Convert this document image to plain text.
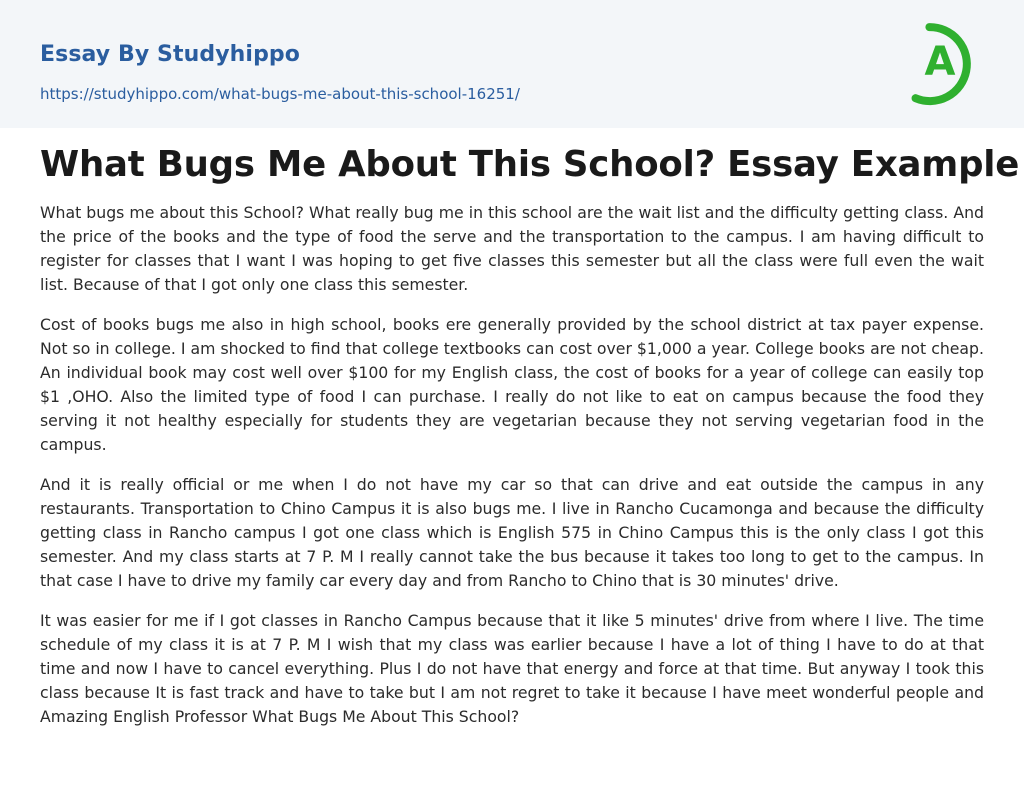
Essay By Studyhippo
https://studyhippo.com/what-bugs-me-about-this-school-16251/
A
What Bugs Me About This School? Essay Example

What bugs me about this School? What really bug me in this school are the wait list and the difficulty getting class. And the price of the books and the type of food the serve and the transportation to the campus. I am having difficult to register for classes that I want I was hoping to get five classes this semester but all the class were full even the wait list. Because of that I got only one class this semester.

Cost of books bugs me also in high school, books ere generally provided by the school district at tax payer expense. Not so in college. I am shocked to find that college textbooks can cost over $1,000 a year. College books are not cheap. An individual book may cost well over $100 for my English class, the cost of books for a year of college can easily top $1 ,OHO. Also the limited type of food I can purchase. I really do not like to eat on campus because the food they serving it not healthy especially for students they are vegetarian because they not serving vegetarian food in the campus.

And it is really official or me when I do not have my car so that can drive and eat outside the campus in any restaurants. Transportation to Chino Campus it is also bugs me. I live in Rancho Cucamonga and because the difficulty getting class in Rancho campus I got one class which is English 575 in Chino Campus this is the only class I got this semester. And my class starts at 7 P. M I really cannot take the bus because it takes too long to get to the campus. In that case I have to drive my family car every day and from Rancho to Chino that is 30 minutes' drive.

It was easier for me if I got classes in Rancho Campus because that it like 5 minutes' drive from where I live. The time schedule of my class it is at 7 P. M I wish that my class was earlier because I have a lot of thing I have to do at that time and now I have to cancel everything. Plus I do not have that energy and force at that time. But anyway I took this class because It is fast track and have to take but I am not regret to take it because I have meet wonderful people and Amazing English Professor What Bugs Me About This School?
